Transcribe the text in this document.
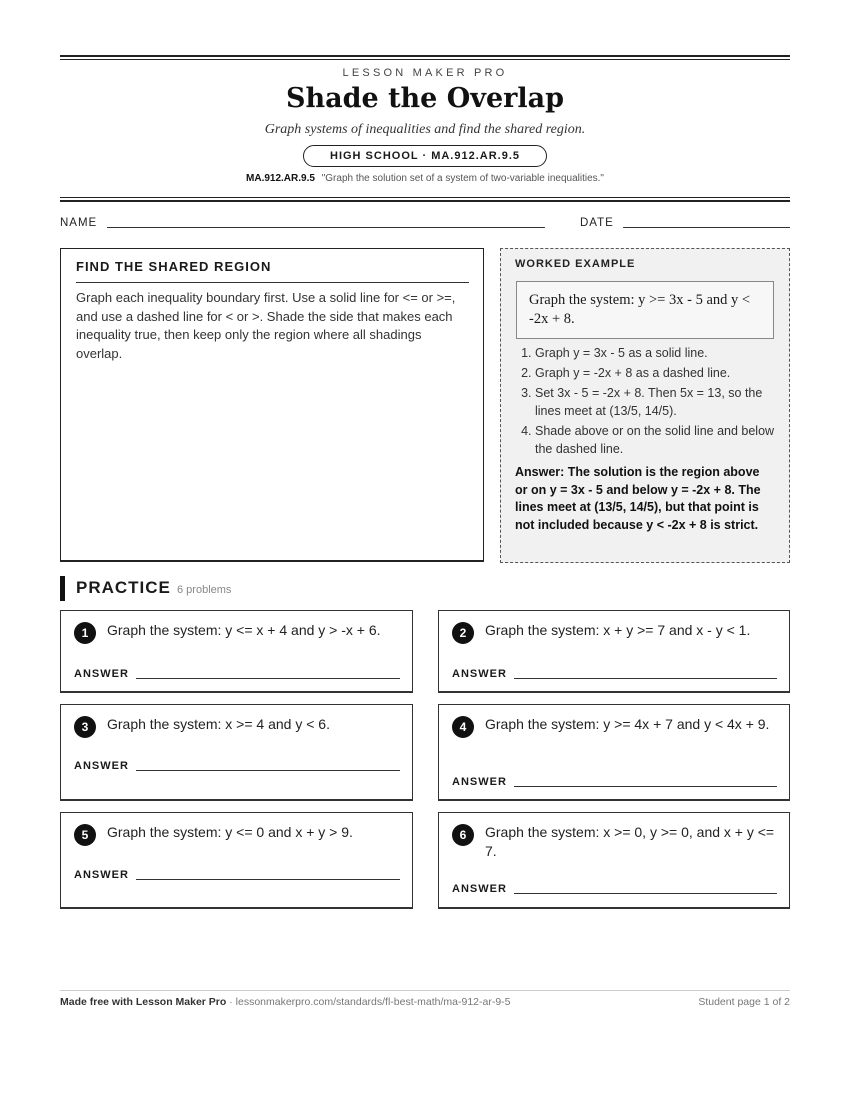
LESSON MAKER PRO
Shade the Overlap
Graph systems of inequalities and find the shared region.
HIGH SCHOOL · MA.912.AR.9.5
MA.912.AR.9.5 "Graph the solution set of a system of two-variable inequalities."
NAME	DATE
FIND THE SHARED REGION

Graph each inequality boundary first. Use a solid line for <= or >=, and use a dashed line for < or >. Shade the side that makes each inequality true, then keep only the region where all shadings overlap.

WORKED EXAMPLE
Graph the system: y >= 3x - 5 and y < -2x + 8.
1. Graph y = 3x - 5 as a solid line.
2. Graph y = -2x + 8 as a dashed line.
3. Set 3x - 5 = -2x + 8. Then 5x = 13, so the lines meet at (13/5, 14/5).
4. Shade above or on the solid line and below the dashed line.
Answer: The solution is the region above or on y = 3x - 5 and below y = -2x + 8. The lines meet at (13/5, 14/5), but that point is not included because y < -2x + 8 is strict.
PRACTICE 6 problems
1	Graph the system: y <= x + 4 and y > -x + 6.
ANSWER
2	Graph the system: x + y >= 7 and x - y < 1.
ANSWER
3	Graph the system: x >= 4 and y < 6.
ANSWER
4	Graph the system: y >= 4x + 7 and y < 4x + 9.
ANSWER
5	Graph the system: y <= 0 and x + y > 9.
ANSWER
6	Graph the system: x >= 0, y >= 0, and x + y <= 7.
ANSWER
Made free with Lesson Maker Pro · lessonmakerpro.com/standards/fl-best-math/ma-912-ar-9-5	Student page 1 of 2
